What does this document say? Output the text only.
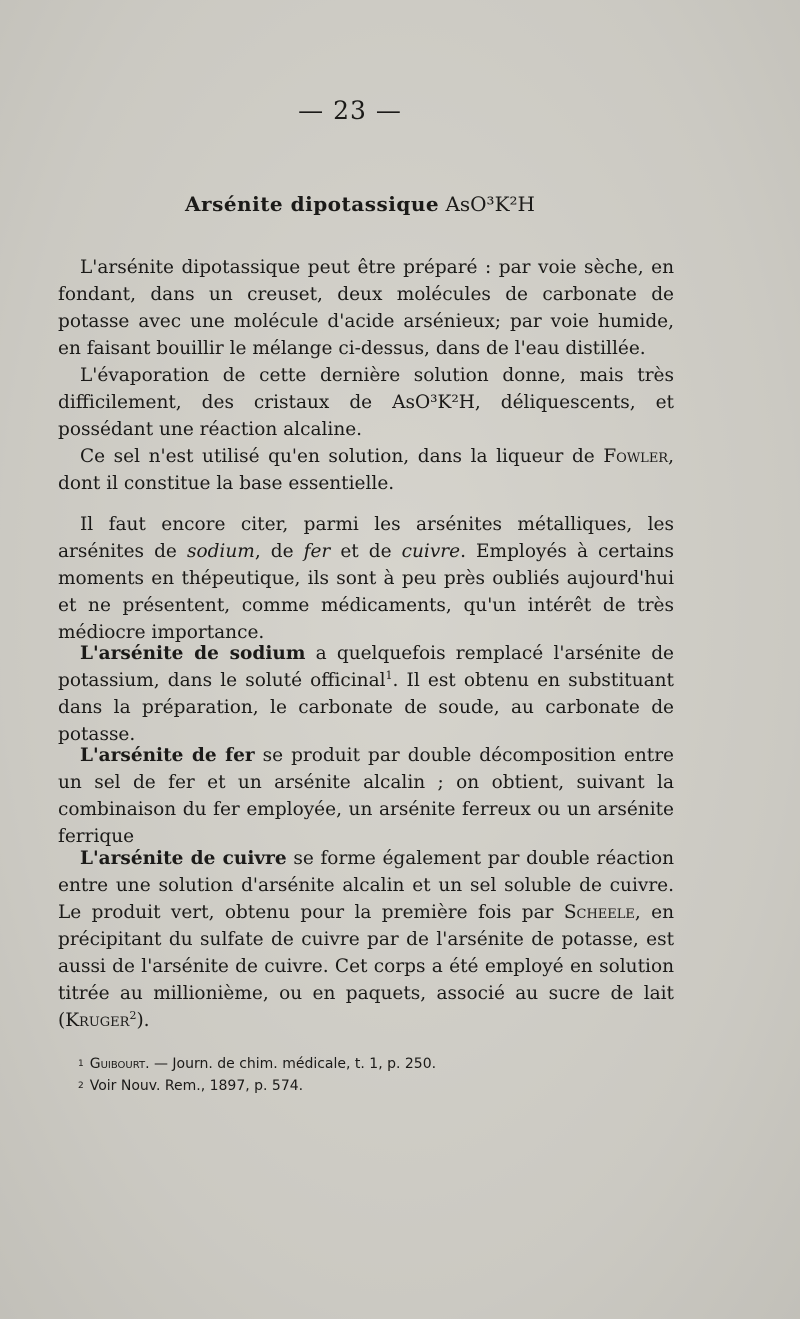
— 23 —
Arsénite dipotassique AsO³K²H

L'arsénite dipotassique peut être préparé : par voie sèche, en fondant, dans un creuset, deux molécules de carbonate de potasse avec une molécule d'acide arsénieux; par voie humide, en faisant bouillir le mélange ci-dessus, dans de l'eau distillée.

L'évaporation de cette dernière solution donne, mais très difficilement, des cristaux de AsO³K²H, déliquescents, et possédant une réaction alcaline.

Ce sel n'est utilisé qu'en solution, dans la liqueur de Fowler, dont il constitue la base essentielle.

Il faut encore citer, parmi les arsénites métalliques, les arsénites de sodium, de fer et de cuivre. Employés à certains moments en thépeutique, ils sont à peu près oubliés aujourd'hui et ne présentent, comme médicaments, qu'un intérêt de très médiocre importance.

L'arsénite de sodium a quelquefois remplacé l'arsénite de potassium, dans le soluté officinal$^1$. Il est obtenu en substituant dans la préparation, le carbonate de soude, au carbonate de potasse.

L'arsénite de fer se produit par double décomposition entre un sel de fer et un arsénite alcalin ; on obtient, suivant la combinaison du fer employée, un arsénite ferreux ou un arsénite ferrique

L'arsénite de cuivre se forme également par double réaction entre une solution d'arsénite alcalin et un sel soluble de cuivre. Le produit vert, obtenu pour la première fois par Scheele, en précipitant du sulfate de cuivre par de l'arsénite de potasse, est aussi de l'arsénite de cuivre. Cet corps a été employé en solution titrée au millionième, ou en paquets, associé au sucre de lait (Kruger$^2$).

$^1$ Guibourt. — Journ. de chim. médicale, t. 1, p. 250.
$^2$ Voir Nouv. Rem., 1897, p. 574.
